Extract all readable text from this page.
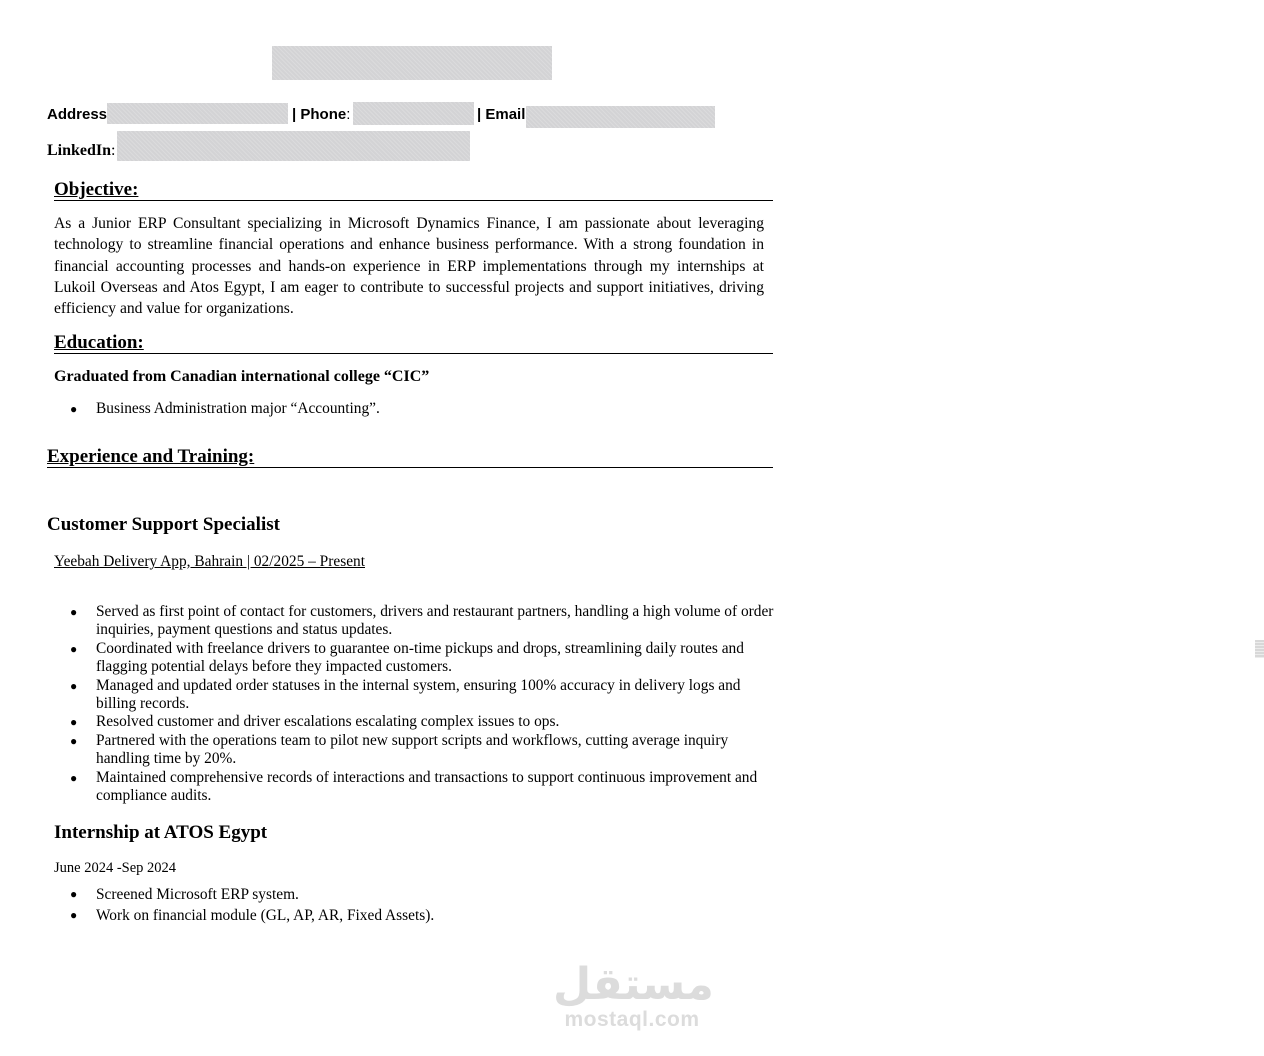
Address	| Phone:	| Email
LinkedIn:
Objective:
As a Junior ERP Consultant specializing in Microsoft Dynamics Finance, I am passionate about leveraging technology to streamline financial operations and enhance business performance. With a strong foundation in financial accounting processes and hands-on experience in ERP implementations through my internships at Lukoil Overseas and Atos Egypt, I am eager to contribute to successful projects and support initiatives, driving efficiency and value for organizations.
Education:
Graduated from Canadian international college “CIC”
● Business Administration major “Accounting”.
Experience and Training:
Customer Support Specialist
Yeebah Delivery App, Bahrain | 02/2025 – Present
● Served as first point of contact for customers, drivers and restaurant partners, handling a high volume of order inquiries, payment questions and status updates.
● Coordinated with freelance drivers to guarantee on-time pickups and drops, streamlining daily routes and flagging potential delays before they impacted customers.
● Managed and updated order statuses in the internal system, ensuring 100% accuracy in delivery logs and billing records.
● Resolved customer and driver escalations escalating complex issues to ops.
● Partnered with the operations team to pilot new support scripts and workflows, cutting average inquiry handling time by 20%.
● Maintained comprehensive records of interactions and transactions to support continuous improvement and compliance audits.
Internship at ATOS Egypt
June 2024 -Sep 2024
● Screened Microsoft ERP system.
● Work on financial module (GL, AP, AR, Fixed Assets).
مستقل
mostaql.com
